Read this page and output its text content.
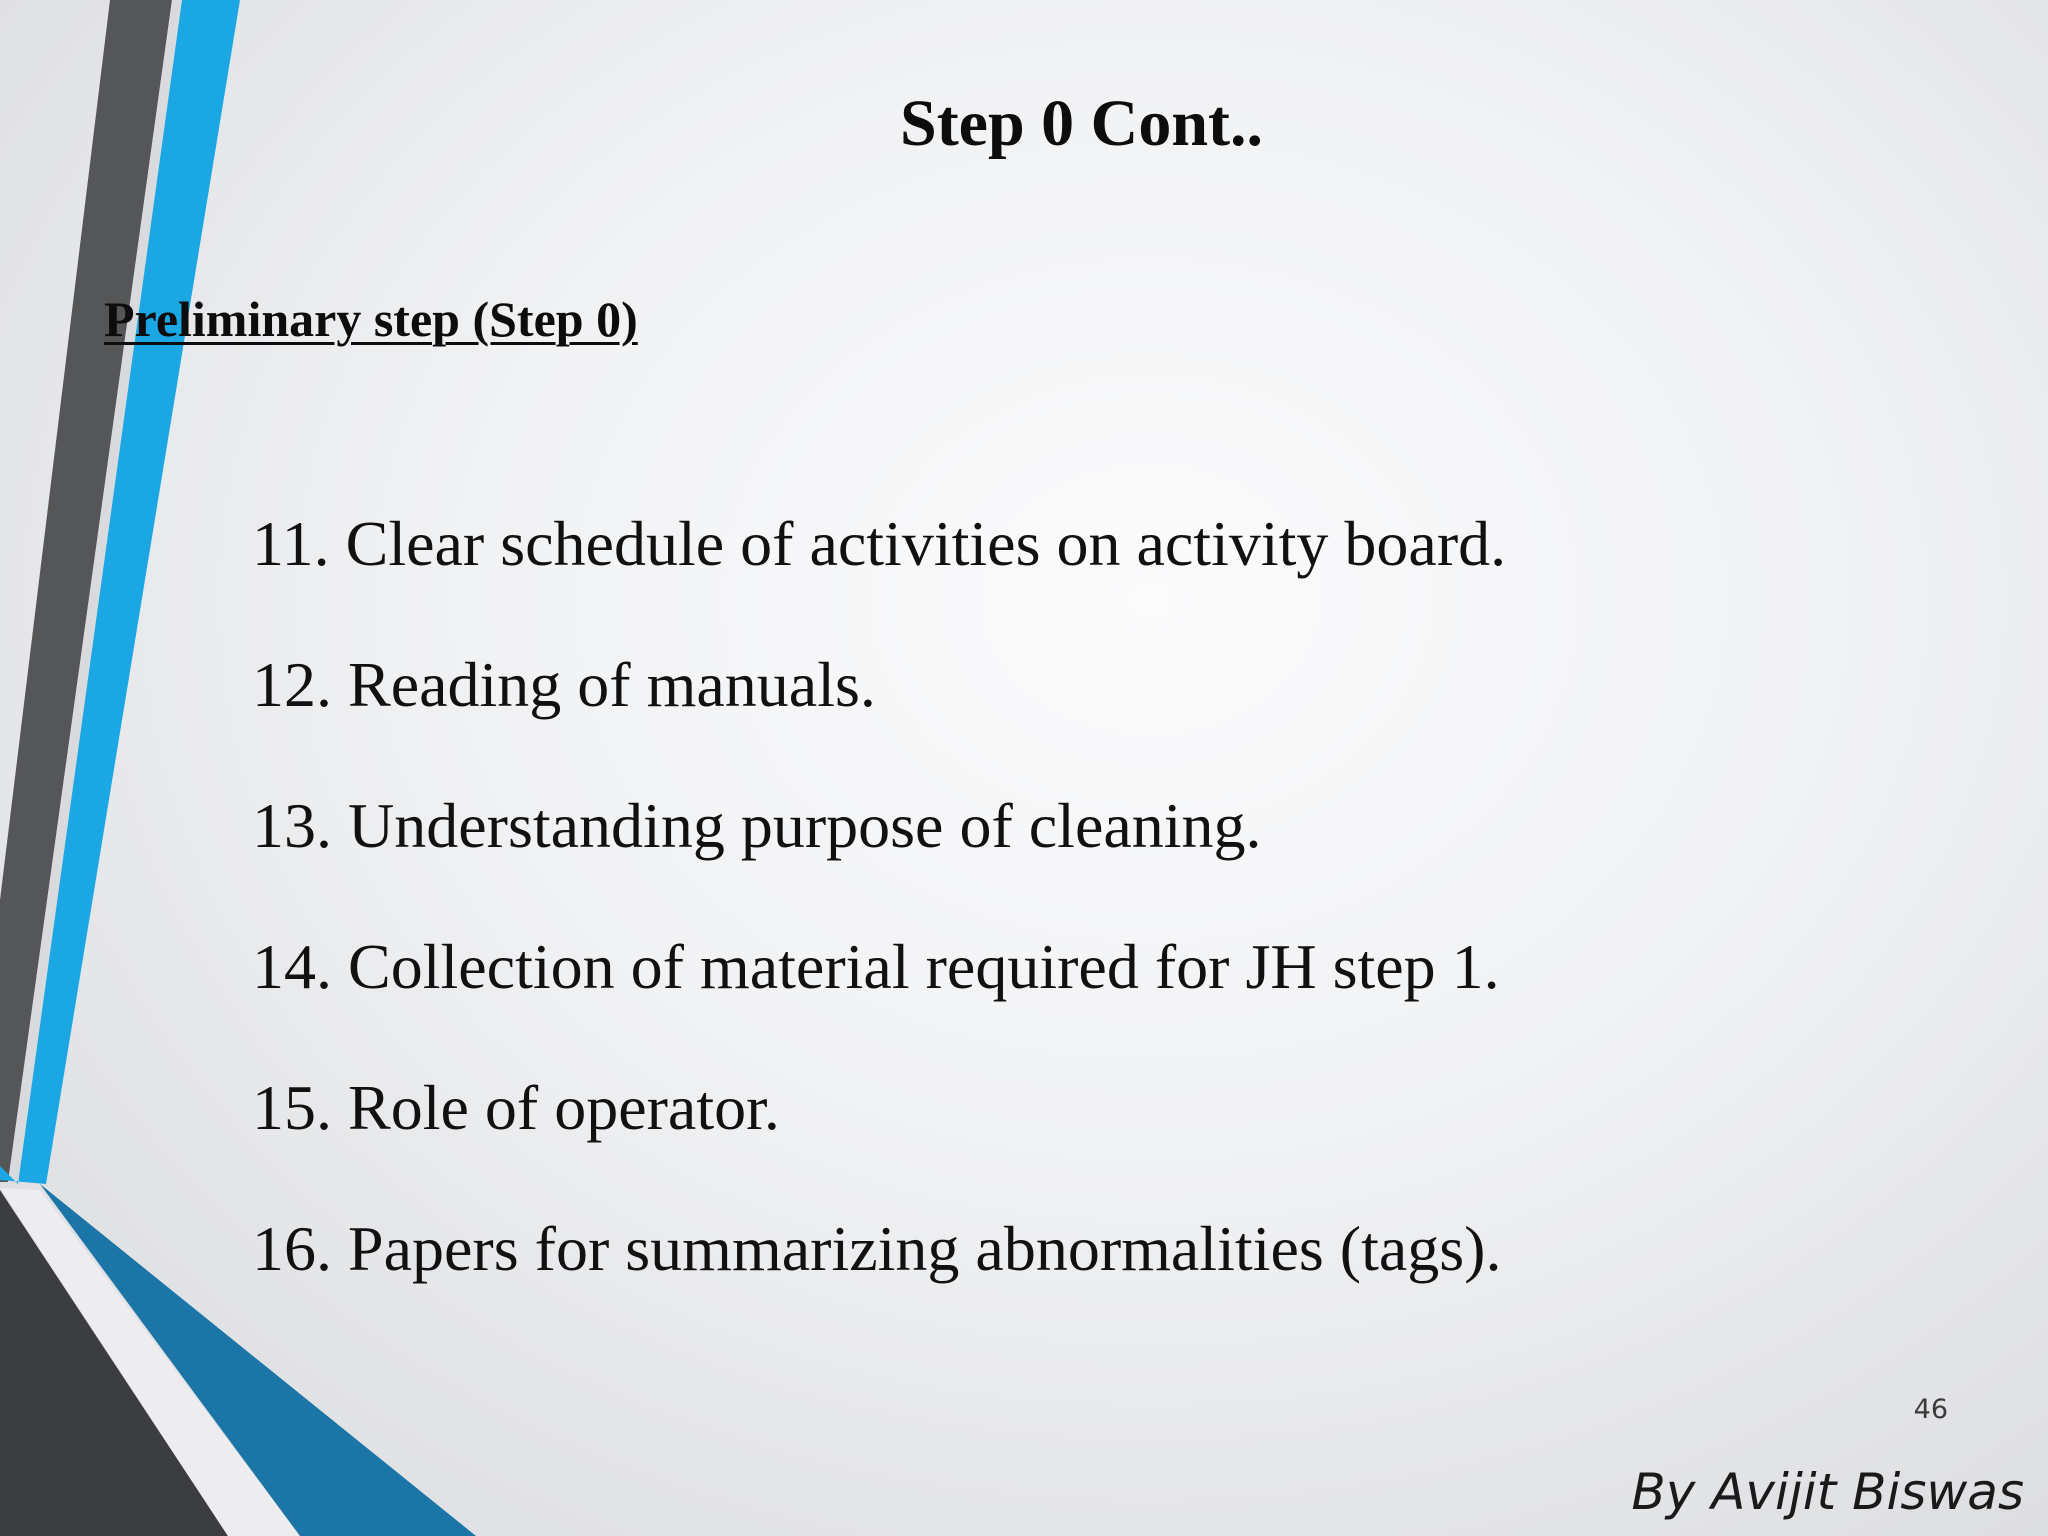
Step 0 Cont..
Preliminary step (Step 0)
11. Clear schedule of activities on activity board.
12. Reading of manuals.
13. Understanding purpose of cleaning.
14. Collection of material required for JH step 1.
15. Role of operator.
16. Papers for summarizing abnormalities (tags).
46
By Avijit Biswas
